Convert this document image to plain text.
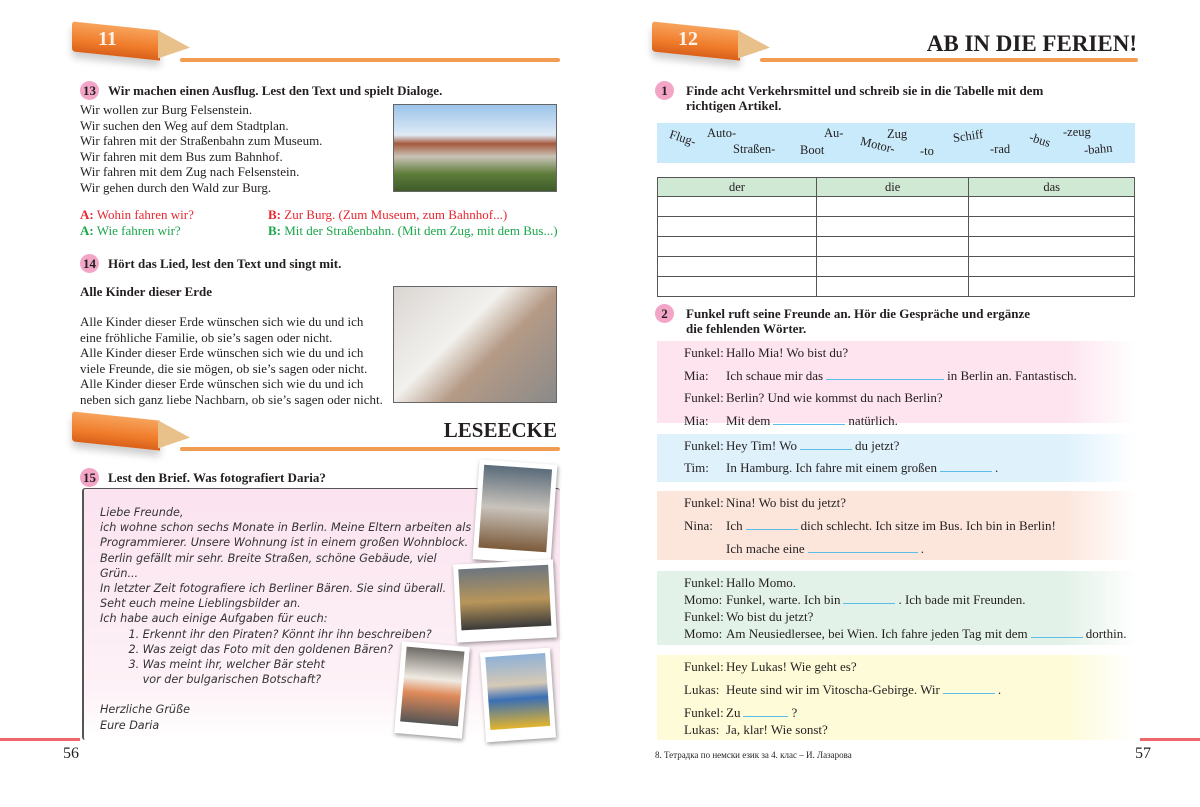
11
13 Wir machen einen Ausflug. Lest den Text und spielt Dialoge.
Wir wollen zur Burg Felsenstein.
Wir suchen den Weg auf dem Stadtplan.
Wir fahren mit der Straßenbahn zum Museum.
Wir fahren mit dem Bus zum Bahnhof.
Wir fahren mit dem Zug nach Felsenstein.
Wir gehen durch den Wald zur Burg.
A: Wohin fahren wir?	B: Zur Burg. (Zum Museum, zum Bahnhof...)
A: Wie fahren wir?	B: Mit der Straßenbahn. (Mit dem Zug, mit dem Bus...)
14 Hört das Lied, lest den Text und singt mit.
Alle Kinder dieser Erde
Alle Kinder dieser Erde wünschen sich wie du und ich
eine fröhliche Familie, ob sie’s sagen oder nicht.
Alle Kinder dieser Erde wünschen sich wie du und ich
viele Freunde, die sie mögen, ob sie’s sagen oder nicht.
Alle Kinder dieser Erde wünschen sich wie du und ich
neben sich ganz liebe Nachbarn, ob sie’s sagen oder nicht.
LESEECKE
15 Lest den Brief. Was fotografiert Daria?
Liebe Freunde,
ich wohne schon sechs Monate in Berlin. Meine Eltern arbeiten als
Programmierer. Unsere Wohnung ist in einem großen Wohnblock.
Berlin gefällt mir sehr. Breite Straßen, schöne Gebäude, viel
Grün...
In letzter Zeit fotografiere ich Berliner Bären. Sie sind überall.
Seht euch meine Lieblingsbilder an.
Ich habe auch einige Aufgaben für euch:
1. Erkennt ihr den Piraten? Könnt ihr ihn beschreiben?
2. Was zeigt das Foto mit den goldenen Bären?
3. Was meint ihr, welcher Bär steht
vor der bulgarischen Botschaft?
Herzliche Grüße
Eure Daria
56
12	AB IN DIE FERIEN!
1	Finde acht Verkehrsmittel und schreib sie in die Tabelle mit dem
richtigen Artikel.
Flug- Auto-
Straßen-
Au-
Boot
Zug
Motor- -to
Schiff
-rad -bus -zeug
-bahn
der	die	das

2	Funkel ruft seine Freunde an. Hör die Gespräche und ergänze
die fehlenden Wörter.
Funkel: Hallo Mia! Wo bist du?
Mia: Ich schaue mir das	in Berlin an. Fantastisch.
Funkel: Berlin? Und wie kommst du nach Berlin?
Mia: Mit dem	natürlich.
Funkel: Hey Tim! Wo	du jetzt?
Tim: In Hamburg. Ich fahre mit einem großen	.
Funkel: Nina! Wo bist du jetzt?
Nina: Ich	dich schlecht. Ich sitze im Bus. Ich bin in Berlin!
Ich mache eine	.
Funkel: Hallo Momo.
Momo: Funkel, warte. Ich bin	. Ich bade mit Freunden.
Funkel: Wo bist du jetzt?
Momo: Am Neusiedlersee, bei Wien. Ich fahre jeden Tag mit dem	dorthin.
Funkel: Hey Lukas! Wie geht es?
Lukas: Heute sind wir im Vitoscha-Gebirge. Wir	.
Funkel: Zu	?
Lukas: Ja, klar! Wie sonst?
8. Тетрадка по немски език за 4. клас – И. Лазарова	57
